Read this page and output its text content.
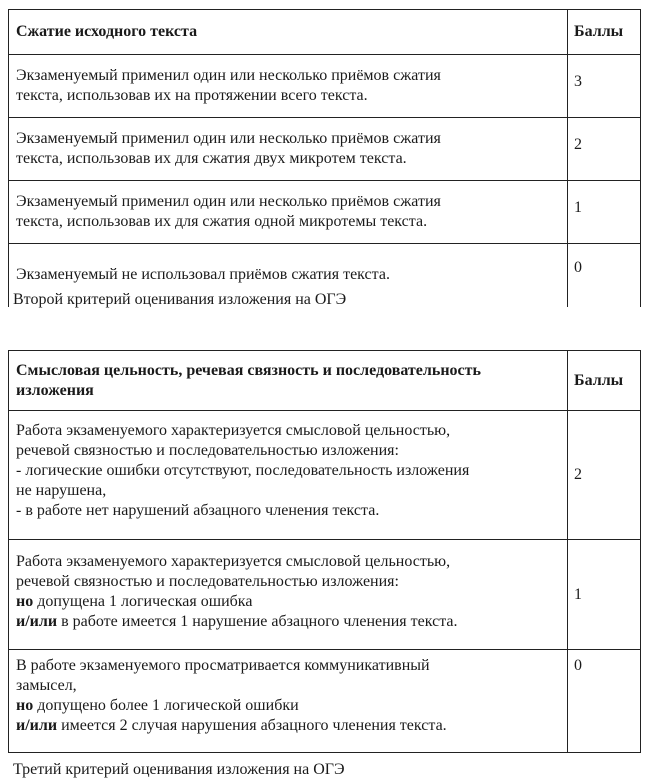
Сжатие исходного текста	Баллы

Экзаменуемый применил один или несколько приёмов сжатия
текста, использовав их на протяжении всего текста.	3

Экзаменуемый применил один или несколько приёмов сжатия
текста, использовав их для сжатия двух микротем текста.	2

Экзаменуемый применил один или несколько приёмов сжатия
текста, использовав их для сжатия одной микротемы текста.	1

Экзаменуемый не использовал приёмов сжатия текста.	0
Второй критерий оценивания изложения на ОГЭ
Смысловая цельность, речевая связность и последовательность
изложения	Баллы

Работа экзаменуемого характеризуется смысловой цельностью,
речевой связностью и последовательностью изложения:
- логические ошибки отсутствуют, последовательность изложения
не нарушена,
- в работе нет нарушений абзацного членения текста.	2

Работа экзаменуемого характеризуется смысловой цельностью,
речевой связностью и последовательностью изложения:
но допущена 1 логическая ошибка
и/или в работе имеется 1 нарушение абзацного членения текста.	1

В работе экзаменуемого просматривается коммуникативный
замысел,
но допущено более 1 логической ошибки
и/или имеется 2 случая нарушения абзацного членения текста.	0
Третий критерий оценивания изложения на ОГЭ
